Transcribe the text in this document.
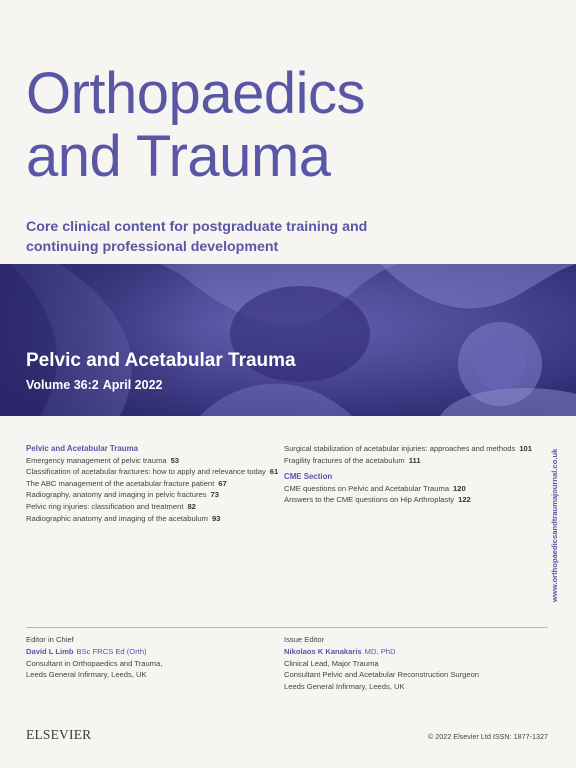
Orthopaedics
and Trauma

Core clinical content for postgraduate training and
continuing professional development

Pelvic and Acetabular Trauma
Volume 36:2 April 2022
Pelvic and Acetabular Trauma
Emergency management of pelvic trauma 53
Classification of acetabular fractures: how to apply and relevance today 61
The ABC management of the acetabular fracture patient 67
Radiography, anatomy and imaging in pelvic fractures 73
Pelvic ring injuries: classification and treatment 82
Radiographic anatomy and imaging of the acetabulum 93
Surgical stabilization of acetabular injuries: approaches and methods 101
Fragility fractures of the acetabulum 111
CME Section
CME questions on Pelvic and Acetabular Trauma 120
Answers to the CME questions on Hip Arthroplasty 122	www.orthopaedicsandtraumajournal.co.uk
Editor in Chief
David L Limb BSc FRCS Ed (Orth)
Consultant in Orthopaedics and Trauma,
Leeds General Infirmary, Leeds, UK
Issue Editor
Nikolaos K Kanakaris MD, PhD
Clinical Lead, Major Trauma
Consultant Pelvic and Acetabular Reconstruction Surgeon
Leeds General Infirmary, Leeds, UK
ELSEVIER	© 2022 Elsevier Ltd ISSN: 1877-1327
